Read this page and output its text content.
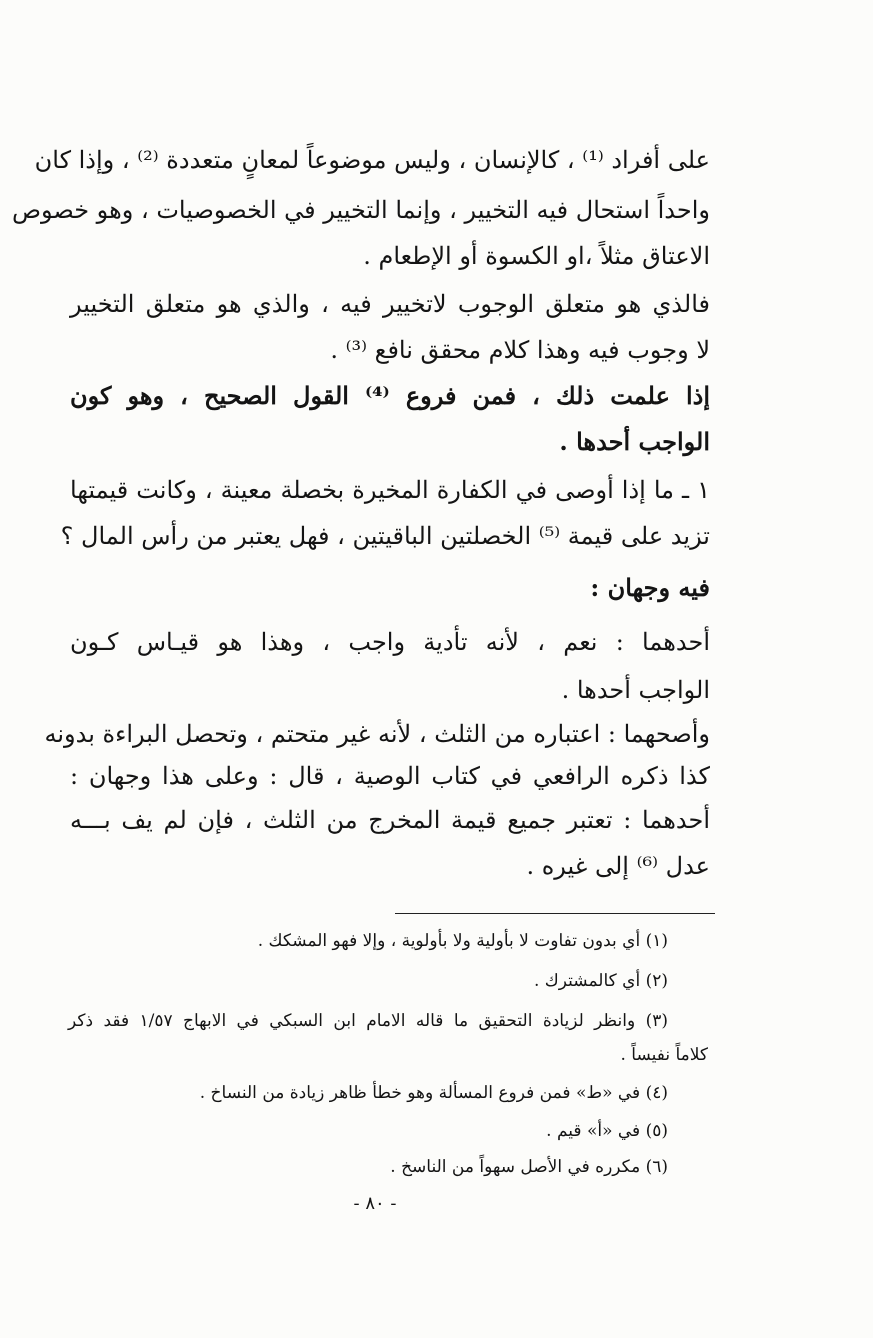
على أفراد ⁽¹⁾ ، كالإنسان ، وليس موضوعاً لمعانٍ متعددة ⁽²⁾ ، وإذا كان
واحداً استحال فيه التخيير ، وإنما التخيير في الخصوصيات ، وهو خصوص
الاعتاق مثلاً ،او الكسوة أو الإطعام .
فالذي هو متعلق الوجوب لاتخيير فيه ، والذي هو متعلق التخيير
لا وجوب فيه وهذا كلام محقق نافع ⁽³⁾ .
إذا علمت ذلك ، فمن فروع ⁽⁴⁾ القول الصحيح ، وهو كون
الواجب أحدها .
١ ـ ما إذا أوصى في الكفارة المخيرة بخصلة معينة ، وكانت قيمتها
تزيد على قيمة ⁽⁵⁾ الخصلتين الباقيتين ، فهل يعتبر من رأس المال ؟
فيه وجهان :
أحدهما : نعم ، لأنه تأدية واجب ، وهذا هو قيـاس كـون
الواجب أحدها .
وأصحهما : اعتباره من الثلث ، لأنه غير متحتم ، وتحصل البراءة بدونه
كذا ذكره الرافعي في كتاب الوصية ، قال : وعلى هذا وجهان :
أحدهما : تعتبر جميع قيمة المخرج من الثلث ، فإن لم يف بـــه
عدل ⁽⁶⁾ إلى غيره .
(١) أي بدون تفاوت لا بأولية ولا بأولوية ، وإلا فهو المشكك .
(٢) أي كالمشترك .
(٣) وانظر لزيادة التحقيق ما قاله الامام ابن السبكي في الابهاج ١/٥٧ فقد ذكر
كلاماً نفيساً .
(٤) في «ط» فمن فروع المسألة وهو خطأ ظاهر زيادة من النساخ .
(٥) في «أ» قيم .
(٦) مكرره في الأصل سهواً من الناسخ .
- ٨٠ -
